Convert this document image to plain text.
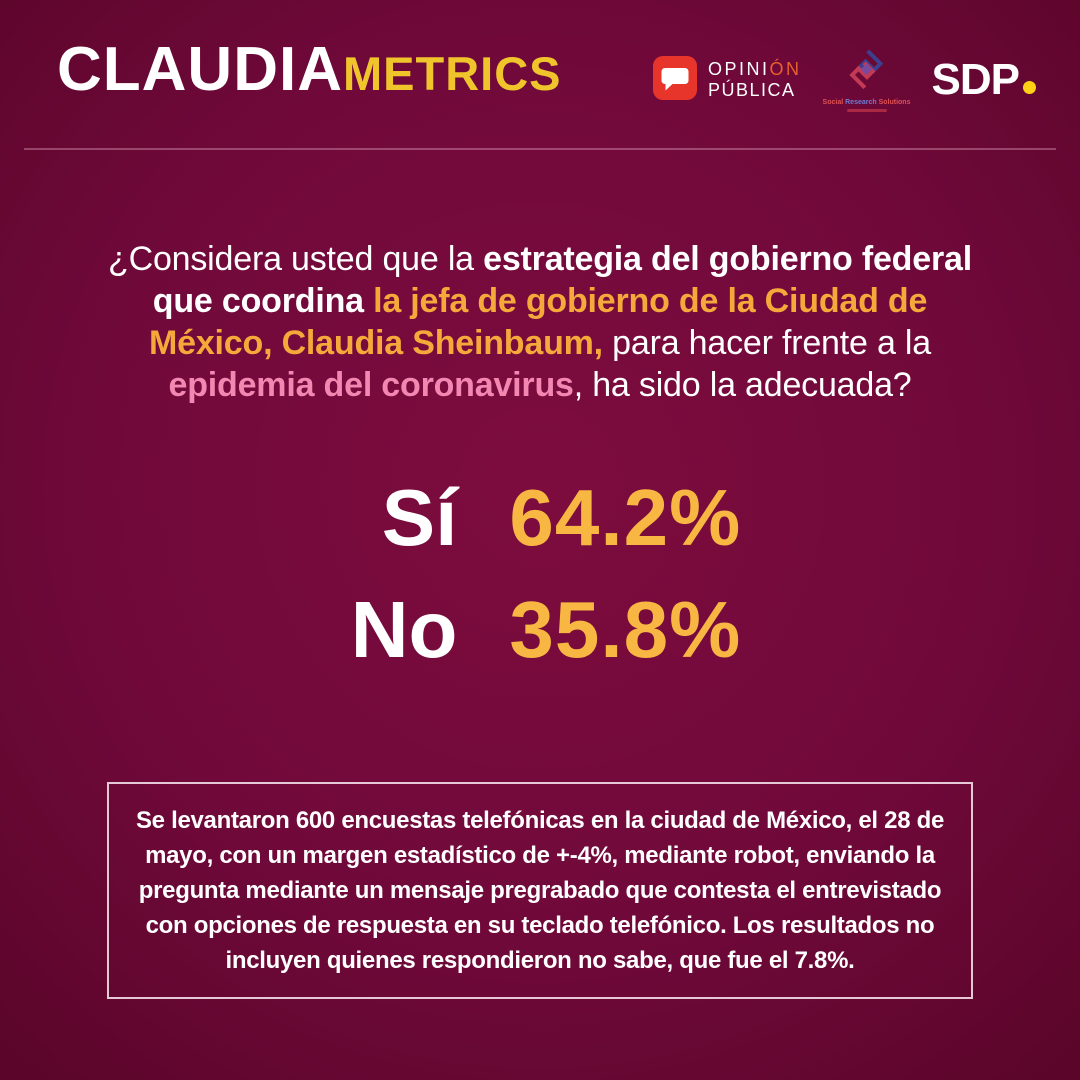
CLAUDIA METRICS	OPINIÓN
PÚBLICA
Social Research Solutions SDP

¿Considera usted que la estrategia del gobierno federal que coordina la jefa de gobierno de la Ciudad de México, Claudia Sheinbaum, para hacer frente a la epidemia del coronavirus, ha sido la adecuada?

Sí 64.2%
No 35.8%
Se levantaron 600 encuestas telefónicas en la ciudad de México, el 28 de mayo, con un margen estadístico de +-4%, mediante robot, enviando la pregunta mediante un mensaje pregrabado que contesta el entrevistado con opciones de respuesta en su teclado telefónico. Los resultados no incluyen quienes respondieron no sabe, que fue el 7.8%.
